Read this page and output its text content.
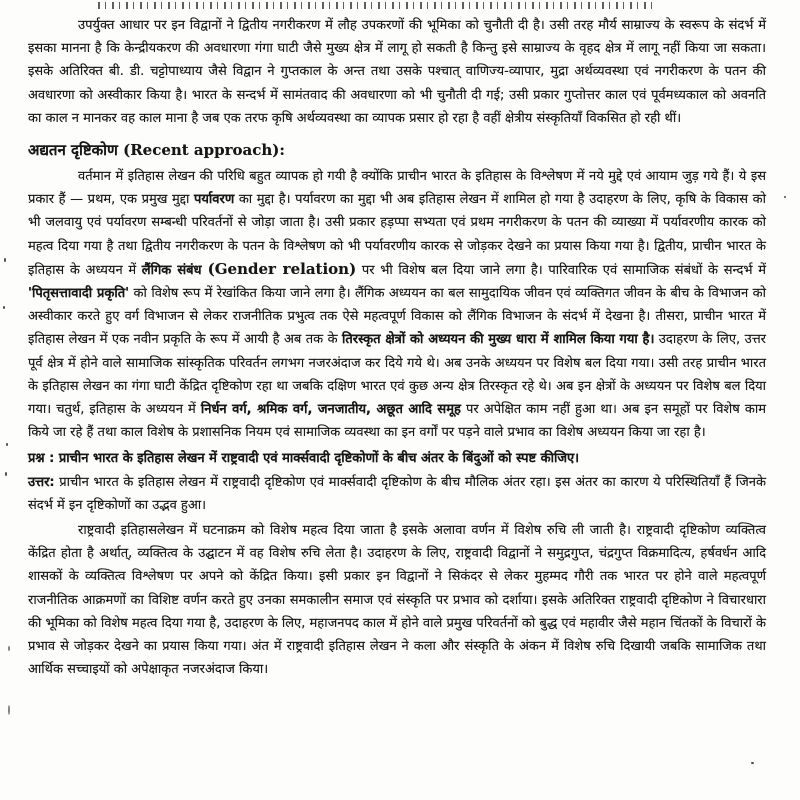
उपर्युक्त आधार पर इन विद्वानों ने द्वितीय नगरीकरण में लौह उपकरणों की भूमिका को चुनौती दी है। उसी तरह मौर्य साम्राज्य के स्वरूप के संदर्भ में इसका मानना है कि केन्द्रीयकरण की अवधारणा गंगा घाटी जैसे मुख्य क्षेत्र में लागू हो सकती है किन्तु इसे साम्राज्य के वृहद क्षेत्र में लागू नहीं किया जा सकता। इसके अतिरिक्त बी. डी. चट्टोपाध्याय जैसे विद्वान ने गुप्तकाल के अन्त तथा उसके पश्चात् वाणिज्य-व्यापार, मुद्रा अर्थव्यवस्था एवं नगरीकरण के पतन की अवधारणा को अस्वीकार किया है। भारत के सन्दर्भ में सामंतवाद की अवधारणा को भी चुनौती दी गई; उसी प्रकार गुप्तोत्तर काल एवं पूर्वमध्यकाल को अवनति का काल न मानकर वह काल माना है जब एक तरफ कृषि अर्थव्यवस्था का व्यापक प्रसार हो रहा है वहीं क्षेत्रीय संस्कृतियाँ विकसित हो रही थीं।

अद्यतन दृष्टिकोण (Recent approach):

वर्तमान में इतिहास लेखन की परिधि बहुत व्यापक हो गयी है क्योंकि प्राचीन भारत के इतिहास के विश्लेषण में नये मुद्दे एवं आयाम जुड़ गये हैं। ये इस प्रकार हैं — प्रथम, एक प्रमुख मुद्दा पर्यावरण का मुद्दा है। पर्यावरण का मुद्दा भी अब इतिहास लेखन में शामिल हो गया है उदाहरण के लिए, कृषि के विकास को भी जलवायु एवं पर्यावरण सम्बन्धी परिवर्तनों से जोड़ा जाता है। उसी प्रकार हड़प्पा सभ्यता एवं प्रथम नगरीकरण के पतन की व्याख्या में पर्यावरणीय कारक को महत्व दिया गया है तथा द्वितीय नगरीकरण के पतन के विश्लेषण को भी पर्यावरणीय कारक से जोड़कर देखने का प्रयास किया गया है। द्वितीय, प्राचीन भारत के इतिहास के अध्ययन में लैंगिक संबंध (Gender relation) पर भी विशेष बल दिया जाने लगा है। पारिवारिक एवं सामाजिक संबंधों के सन्दर्भ में 'पितृसत्तावादी प्रकृति' को विशेष रूप में रेखांकित किया जाने लगा है। लैंगिक अध्ययन का बल सामुदायिक जीवन एवं व्यक्तिगत जीवन के बीच के विभाजन को अस्वीकार करते हुए वर्ग विभाजन से लेकर राजनीतिक प्रभुत्व तक ऐसे महत्वपूर्ण विकास को लैंगिक विभाजन के संदर्भ में देखना है। तीसरा, प्राचीन भारत में इतिहास लेखन में एक नवीन प्रकृति के रूप में आयी है अब तक के तिरस्कृत क्षेत्रों को अध्ययन की मुख्य धारा में शामिल किया गया है। उदाहरण के लिए, उत्तर पूर्व क्षेत्र में होने वाले सामाजिक सांस्कृतिक परिवर्तन लगभग नजरअंदाज कर दिये गये थे। अब उनके अध्ययन पर विशेष बल दिया गया। उसी तरह प्राचीन भारत के इतिहास लेखन का गंगा घाटी केंद्रित दृष्टिकोण रहा था जबकि दक्षिण भारत एवं कुछ अन्य क्षेत्र तिरस्कृत रहे थे। अब इन क्षेत्रों के अध्ययन पर विशेष बल दिया गया। चतुर्थ, इतिहास के अध्ययन में निर्धन वर्ग, श्रमिक वर्ग, जनजातीय, अछूत आदि समूह पर अपेक्षित काम नहीं हुआ था। अब इन समूहों पर विशेष काम किये जा रहे हैं तथा काल विशेष के प्रशासनिक नियम एवं सामाजिक व्यवस्था का इन वर्गों पर पड़ने वाले प्रभाव का विशेष अध्ययन किया जा रहा है।

प्रश्न : प्राचीन भारत के इतिहास लेखन में राष्ट्रवादी एवं मार्क्सवादी दृष्टिकोणों के बीच अंतर के बिंदुओं को स्पष्ट कीजिए।

उत्तर: प्राचीन भारत के इतिहास लेखन में राष्ट्रवादी दृष्टिकोण एवं मार्क्सवादी दृष्टिकोण के बीच मौलिक अंतर रहा। इस अंतर का कारण ये परिस्थितियाँ हैं जिनके संदर्भ में इन दृष्टिकोणों का उद्भव हुआ।

राष्ट्रवादी इतिहासलेखन में घटनाक्रम को विशेष महत्व दिया जाता है इसके अलावा वर्णन में विशेष रुचि ली जाती है। राष्ट्रवादी दृष्टिकोण व्यक्तित्व केंद्रित होता है अर्थात्, व्यक्तित्व के उद्घाटन में वह विशेष रुचि लेता है। उदाहरण के लिए, राष्ट्रवादी विद्वानों ने समुद्रगुप्त, चंद्रगुप्त विक्रमादित्य, हर्षवर्धन आदि शासकों के व्यक्तित्व विश्लेषण पर अपने को केंद्रित किया। इसी प्रकार इन विद्वानों ने सिकंदर से लेकर मुहम्मद गौरी तक भारत पर होने वाले महत्वपूर्ण राजनीतिक आक्रमणों का विशिष्ट वर्णन करते हुए उनका समकालीन समाज एवं संस्कृति पर प्रभाव को दर्शाया। इसके अतिरिक्त राष्ट्रवादी दृष्टिकोण ने विचारधारा की भूमिका को विशेष महत्व दिया गया है, उदाहरण के लिए, महाजनपद काल में होने वाले प्रमुख परिवर्तनों को बुद्ध एवं महावीर जैसे महान चिंतकों के विचारों के प्रभाव से जोड़कर देखने का प्रयास किया गया। अंत में राष्ट्रवादी इतिहास लेखन ने कला और संस्कृति के अंकन में विशेष रुचि दिखायी जबकि सामाजिक तथा आर्थिक सच्चाइयों को अपेक्षाकृत नजरअंदाज किया।
